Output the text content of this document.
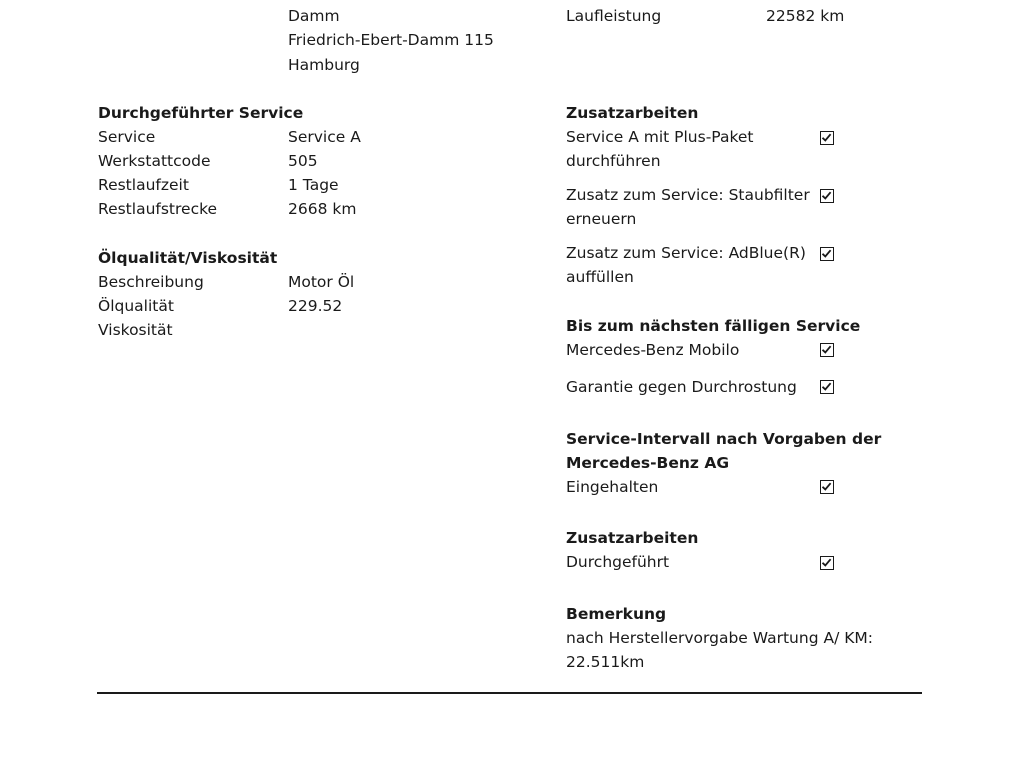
Damm
Friedrich-Ebert-Damm 115
Hamburg
Laufleistung	22582 km
Durchgeführter Service
Service	Service A
Werkstattcode	505
Restlaufzeit	1 Tage
Restlaufstrecke	2668 km
Ölqualität/Viskosität
Beschreibung	Motor Öl
Ölqualität	229.52
Viskosität
Zusatzarbeiten
Service A mit Plus-Paket
durchführen
Zusatz zum Service: Staubfilter
erneuern
Zusatz zum Service: AdBlue(R)
auffüllen
Bis zum nächsten fälligen Service
Mercedes-Benz Mobilo
Garantie gegen Durchrostung
Service-Intervall nach Vorgaben der
Mercedes-Benz AG
Eingehalten
Zusatzarbeiten
Durchgeführt
Bemerkung
nach Herstellervorgabe Wartung A/ KM:
22.511km
